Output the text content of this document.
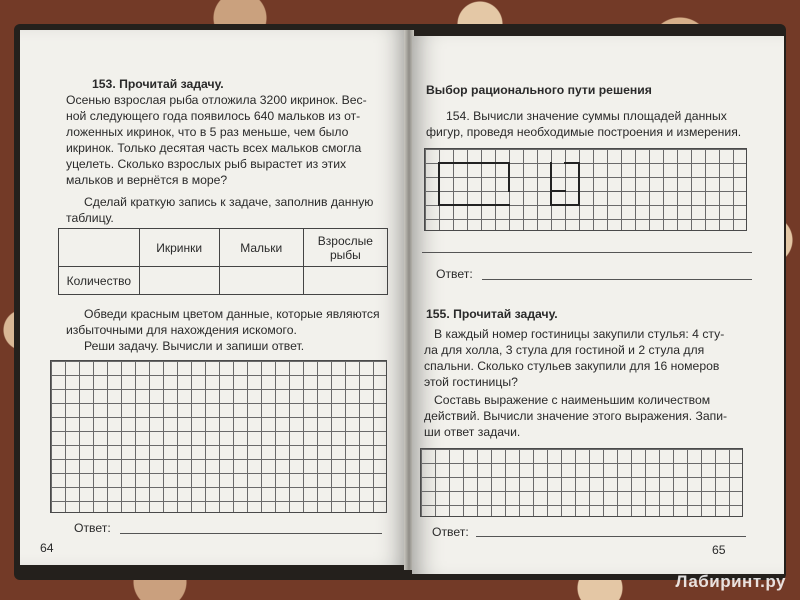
153. Прочитай задачу.
Осенью взрослая рыба отложила 3200 икринок. Вес-
ной следующего года появилось 640 мальков из от-
ложенных икринок, что в 5 раз меньше, чем было
икринок. Только десятая часть всех мальков смогла
уцелеть. Сколько взрослых рыб вырастет из этих
мальков и вернётся в море?
Сделай краткую запись к задаче, заполнив данную
таблицу.
	Икринки	Мальки	Взрослые рыбы
Количество			
Обведи красным цветом данные, которые являются
избыточными для нахождения искомого.
Реши задачу. Вычисли и запиши ответ.
Ответ:
64
Выбор рационального пути решения
154. Вычисли значение суммы площадей данных
фигур, проведя необходимые построения и измерения.
Ответ:
155. Прочитай задачу.
В каждый номер гостиницы закупили стулья: 4 сту-
ла для холла, 3 стула для гостиной и 2 стула для
спальни. Сколько стульев закупили для 16 номеров
этой гостиницы?
Составь выражение с наименьшим количеством
действий. Вычисли значение этого выражения. Запи-
ши ответ задачи.
Ответ:
65
Лабиринт.ру
